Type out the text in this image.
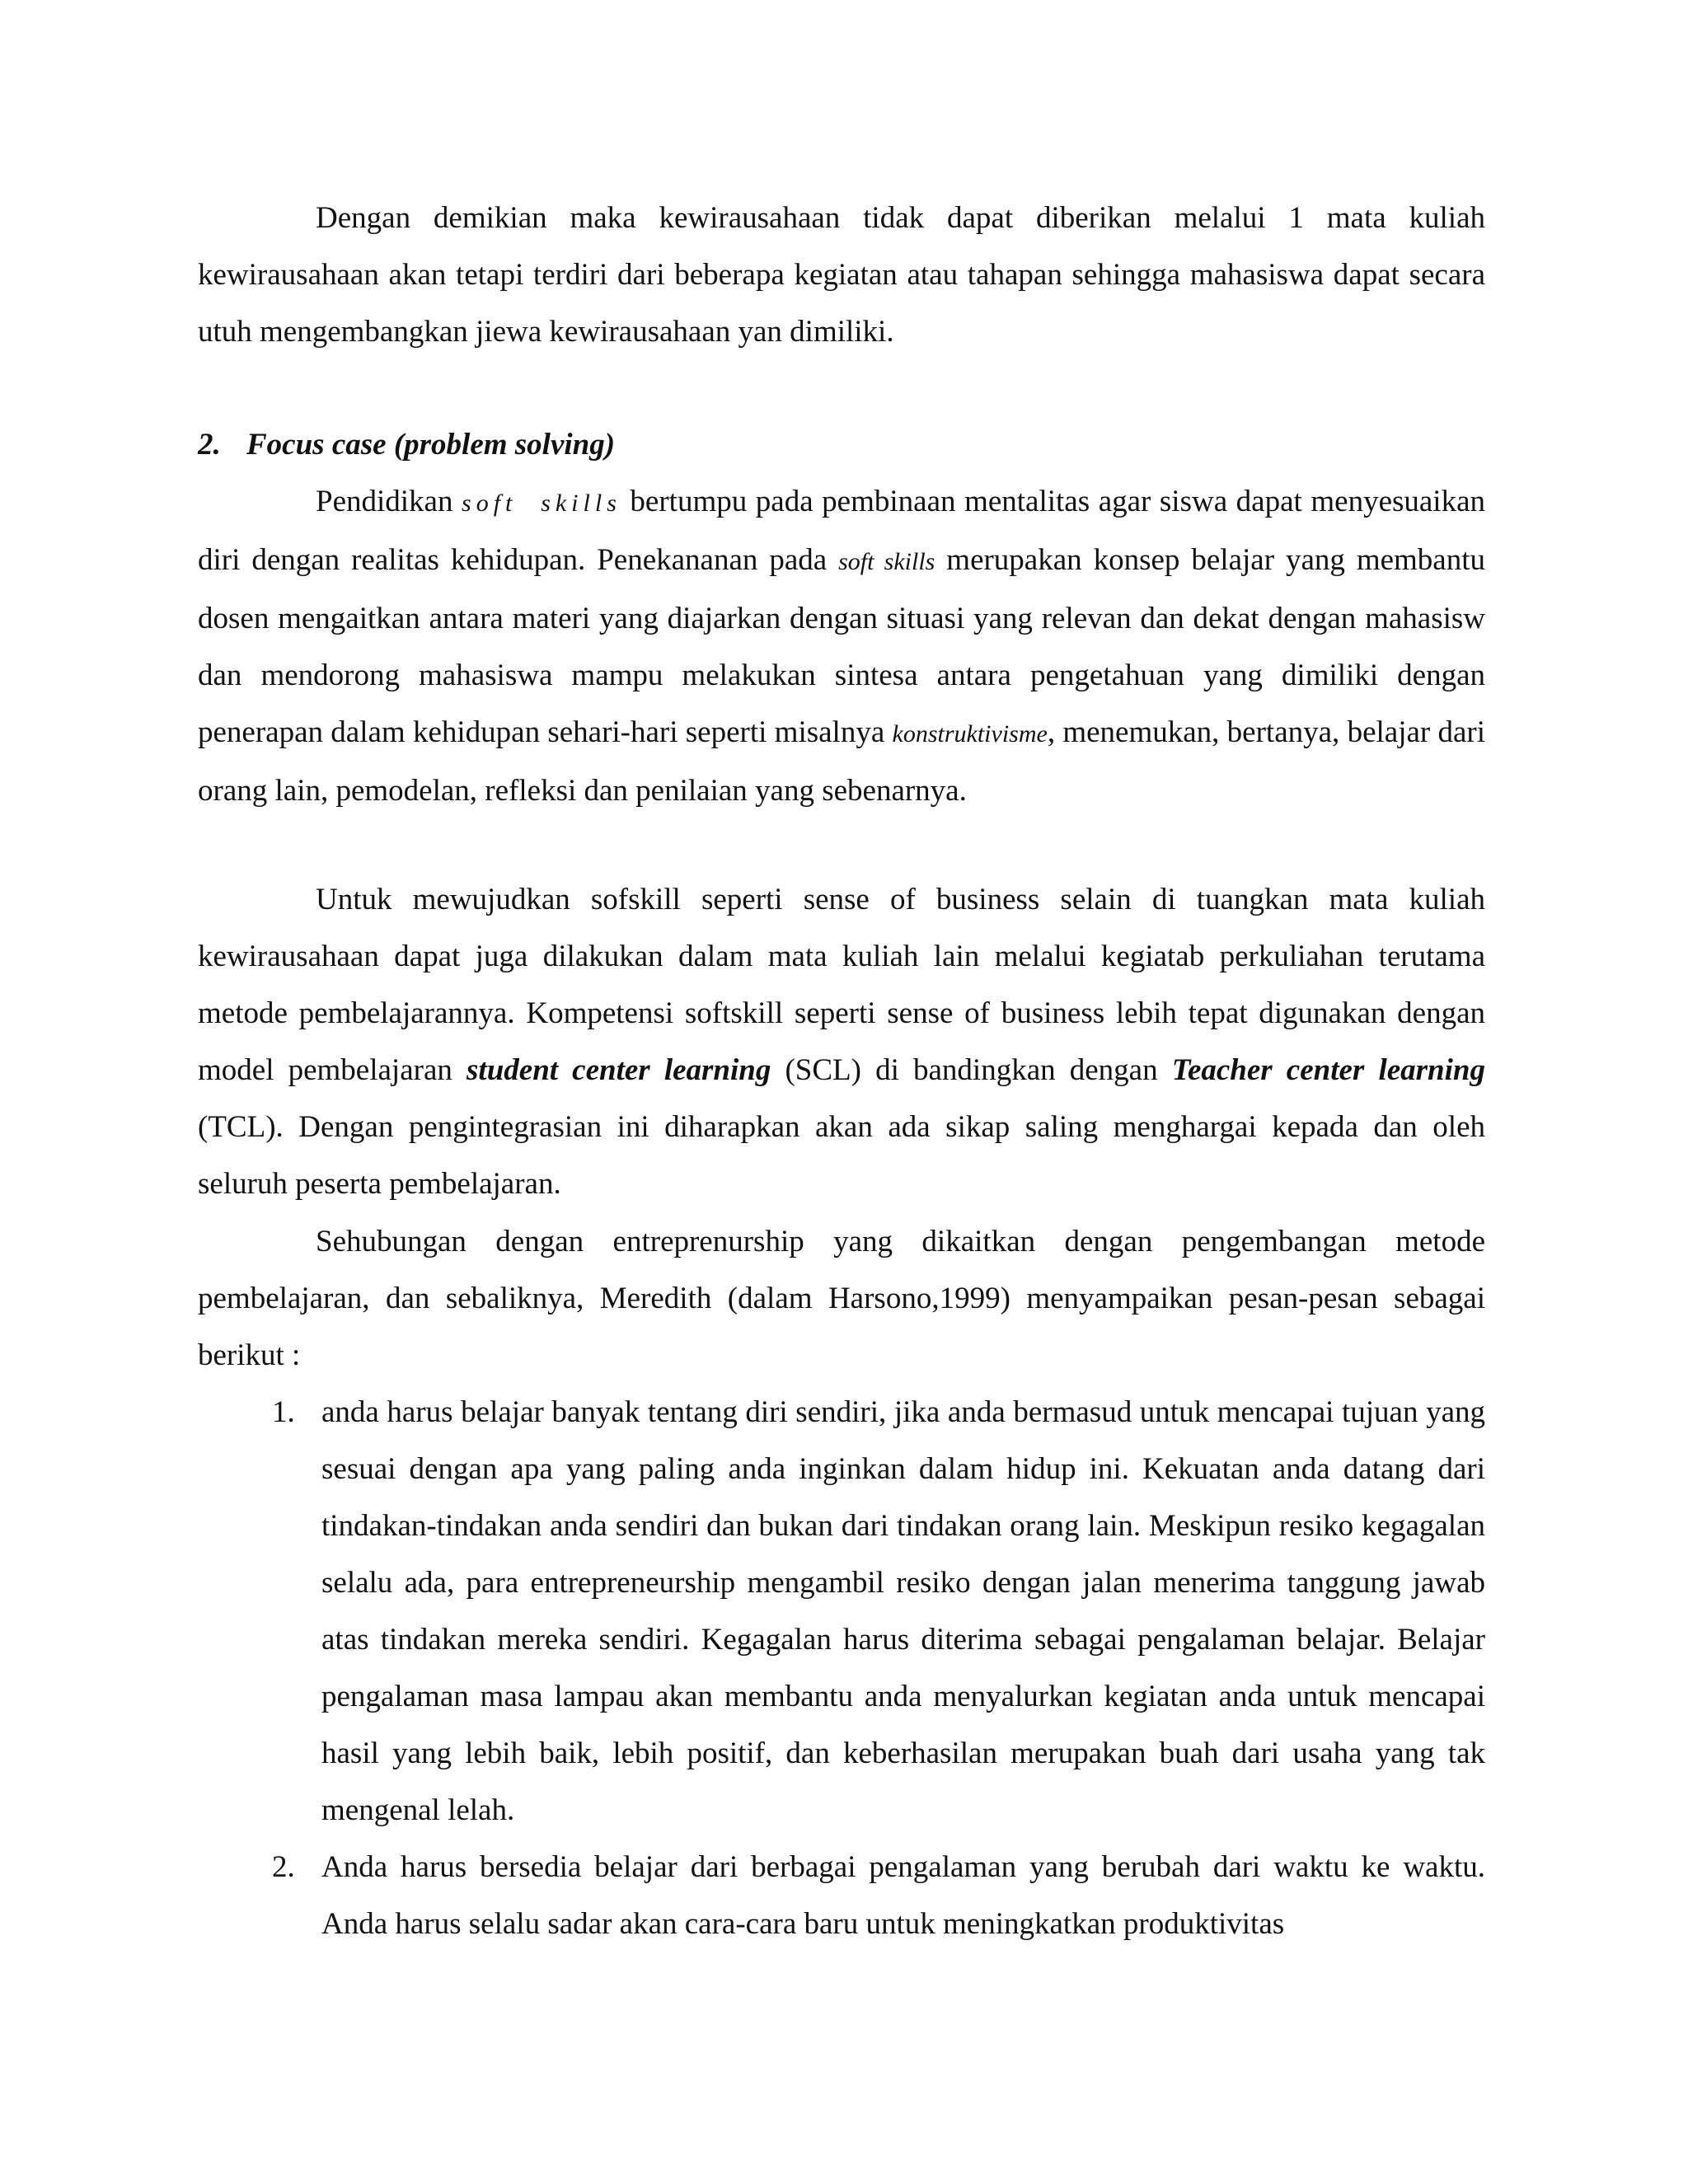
Dengan demikian maka kewirausahaan tidak dapat diberikan melalui 1 mata kuliah kewirausahaan akan tetapi terdiri dari beberapa kegiatan atau tahapan sehingga mahasiswa dapat secara utuh mengembangkan jiewa kewirausahaan yan dimiliki.

2. Focus case (problem solving)

Pendidikan soft skills bertumpu pada pembinaan mentalitas agar siswa dapat menyesuaikan diri dengan realitas kehidupan. Penekananan pada soft skills merupakan konsep belajar yang membantu dosen mengaitkan antara materi yang diajarkan dengan situasi yang relevan dan dekat dengan mahasisw dan mendorong mahasiswa mampu melakukan sintesa antara pengetahuan yang dimiliki dengan penerapan dalam kehidupan sehari-hari seperti misalnya konstruktivisme, menemukan, bertanya, belajar dari orang lain, pemodelan, refleksi dan penilaian yang sebenarnya.

Untuk mewujudkan sofskill seperti sense of business selain di tuangkan mata kuliah kewirausahaan dapat juga dilakukan dalam mata kuliah lain melalui kegiatab perkuliahan terutama metode pembelajarannya. Kompetensi softskill seperti sense of business lebih tepat digunakan dengan model pembelajaran student center learning (SCL) di bandingkan dengan Teacher center learning (TCL). Dengan pengintegrasian ini diharapkan akan ada sikap saling menghargai kepada dan oleh seluruh peserta pembelajaran.

Sehubungan dengan entreprenurship yang dikaitkan dengan pengembangan metode pembelajaran, dan sebaliknya, Meredith (dalam Harsono,1999) menyampaikan pesan-pesan sebagai berikut :

1. anda harus belajar banyak tentang diri sendiri, jika anda bermasud untuk mencapai tujuan yang sesuai dengan apa yang paling anda inginkan dalam hidup ini. Kekuatan anda datang dari tindakan-tindakan anda sendiri dan bukan dari tindakan orang lain. Meskipun resiko kegagalan selalu ada, para entrepreneurship mengambil resiko dengan jalan menerima tanggung jawab atas tindakan mereka sendiri. Kegagalan harus diterima sebagai pengalaman belajar. Belajar pengalaman masa lampau akan membantu anda menyalurkan kegiatan anda untuk mencapai hasil yang lebih baik, lebih positif, dan keberhasilan merupakan buah dari usaha yang tak mengenal lelah.
2. Anda harus bersedia belajar dari berbagai pengalaman yang berubah dari waktu ke waktu. Anda harus selalu sadar akan cara-cara baru untuk meningkatkan produktivitas
